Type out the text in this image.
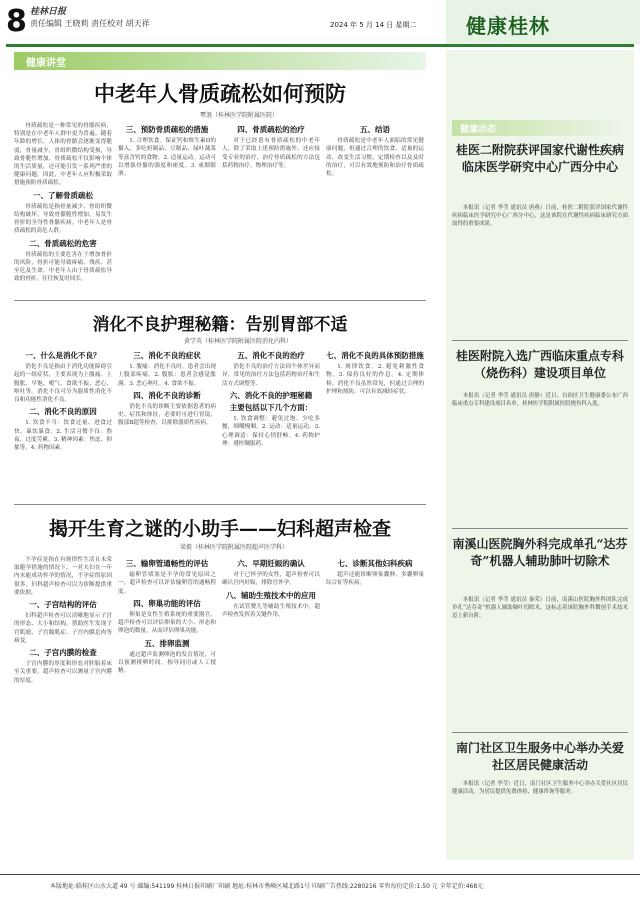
8 桂林日报
责任编辑 王晓莉 责任校对 胡天祥	2024 年 5 月 14 日 星期二 健康桂林
健康讲堂
中老年人骨质疏松如何预防
覃浪（桂林医学院附属医院）

骨质疏松是一种常见的骨骼疾病，特别是在中老年人群中更为普遍。随着年龄的增长，人体的骨骼会逐渐变得脆弱，骨量减少，骨组织微结构受损，导致骨脆性增加，骨质疏松不仅影响个体的生活质量，还可能引发一系列严重的健康问题。因此，中老年人应积极采取措施预防骨质疏松。

一、了解骨质疏松

骨质疏松是指骨量减少、骨组织微结构破坏，导致骨骼脆性增加，易发生骨折的全身性骨骼疾病。中老年人是骨质疏松的高危人群。

二、骨质疏松的危害

骨质疏松的主要危害在于增加骨折的风险，骨折可能导致疼痛、残疾、甚至危及生命。中老年人由于骨质疏松导致的骨折，往往恢复时间长。

三、预防骨质疏松的措施

1. 合理饮食。保证钙和维生素D的摄入，多吃奶制品、豆制品、绿叶蔬菜等富含钙的食物。2. 适量运动。运动可以增强骨骼的强度和密度。3. 戒烟限酒。

四、骨质疏松的治疗

对于已经患有骨质疏松的中老年人，除了采取上述预防措施外，还应接受专业的治疗，治疗骨质疏松的方法包括药物治疗、物理治疗等。

五、结语

骨质疏松是中老年人面临的常见健康问题，但通过合理的饮食、适量的运动、改变生活习惯，定期检查以及及时的治疗，可以有效地预防和治疗骨质疏松。

消化不良护理秘籍：告别胃部不适
黄学英（桂林医学院附属医院消化内科）
一、什么是消化不良？

消化不良是指由于消化功能障碍引起的一组症状，主要表现为上腹痛、上腹胀、早饱、嗳气、食欲不振、恶心、呕吐等。消化不良可分为器质性消化不良和功能性消化不良。

二、消化不良的原因

1. 饮食不当：饮食过量、进食过快、暴饮暴食。2. 生活习惯不良：熬夜、过度劳累。3. 精神因素：焦虑、抑郁等。4. 药物因素。

三、消化不良的症状

1. 腹痛：消化不良时，患者会出现上腹部疼痛。2. 腹胀：患者会感觉胀满。3. 恶心呕吐。4. 食欲不振。

四、消化不良的诊断

消化不良的诊断主要依据患者的病史、症状和体征，必要时可进行胃镜、腹部B超等检查，以排除器质性疾病。

五、消化不良的治疗

消化不良的治疗方法因个体差异而异，常见的治疗方法包括药物治疗和生活方式调整等。

六、消化不良的护理秘籍
主要包括以下几个方面：

1. 饮食调整：避免过饱、少吃多餐，细嚼慢咽。2. 运动：适量运动。3. 心理调适：保持心情舒畅。4. 药物护理：遵医嘱服药。

七、消化不良的具体预防措施

1. 规律饮食。2. 避免刺激性食物。3. 保持良好的作息。4. 定期体检。消化不良虽然常见，但通过合理的护理和预防，可以有效减轻症状。

揭开生育之谜的小助手——妇科超声检查
梁毅（桂林医学院附属医院超声医学科）

不孕症是指在有规律性生活且未采取避孕措施的情况下，一对夫妇在一年内未能成功怀孕的情况，不孕症的原因很多，妇科超声检查可以为诊断提供重要依据。

一、子宫结构的评估

妇科超声检查可以清晰地显示子宫的形态、大小和结构，帮助医生发现子宫肌瘤、子宫腺肌症、子宫内膜息肉等病变。

二、子宫内膜的检查

子宫内膜的厚度和形态对胚胎着床至关重要，超声检查可以测量子宫内膜的厚度。

三、输卵管通畅性的评估

输卵管堵塞是不孕的常见原因之一，超声检查可以评估输卵管的通畅程度。

四、卵巢功能的评估

卵巢是女性生殖系统的重要器官，超声检查可以评估卵巢的大小、形态和卵泡的数量，从而评估卵巢功能。

五、排卵监测

通过超声监测卵泡的发育情况，可以预测排卵时间，指导同房或人工授精。

六、早期妊娠的确认

对于已怀孕的女性，超声检查可以确认宫内妊娠，排除宫外孕。

八、辅助生殖技术中的应用

在试管婴儿等辅助生殖技术中，超声检查发挥着关键作用。

七、诊断其他妇科疾病

超声还能诊断卵巢囊肿、多囊卵巢综合征等疾病。

健康动态
桂医二附院获评国家代谢性疾病临床医学研究中心广西分中心

本报讯（记者 李莹 通讯员 唐燕）日前，桂医二附院获评国家代谢性疾病临床医学研究中心广西分中心，这是该院在代谢性疾病临床研究方面取得的重要成果。

桂医附院入选广西临床重点专科（烧伤科）建设项目单位

本报讯（记者 李莹 通讯员 唐静）近日，自治区卫生健康委公布广西临床重点专科建设项目名单，桂林医学院附属医院烧伤科入选。

南溪山医院胸外科完成单孔“达芬奇”机器人辅助肺叶切除术

本报讯（记者 李莹 通讯员 秦荣）日前，南溪山医院胸外科团队完成单孔“达芬奇”机器人辅助肺叶切除术，这标志着该院胸外科微创手术技术迈上新台阶。

南门社区卫生服务中心举办关爱社区居民健康活动

本报讯（记者 李莹）近日，南门社区卫生服务中心举办关爱社区居民健康活动，为居民提供免费体检、健康咨询等服务。

本版地址:临桂区山水大道 49 号 邮编:541199 桂林日报印刷厂印刷 地址:桂林市秀峰区城北路1号 印刷广告热线:2280216 零售每份定价:1.50 元 全年定价:468元
